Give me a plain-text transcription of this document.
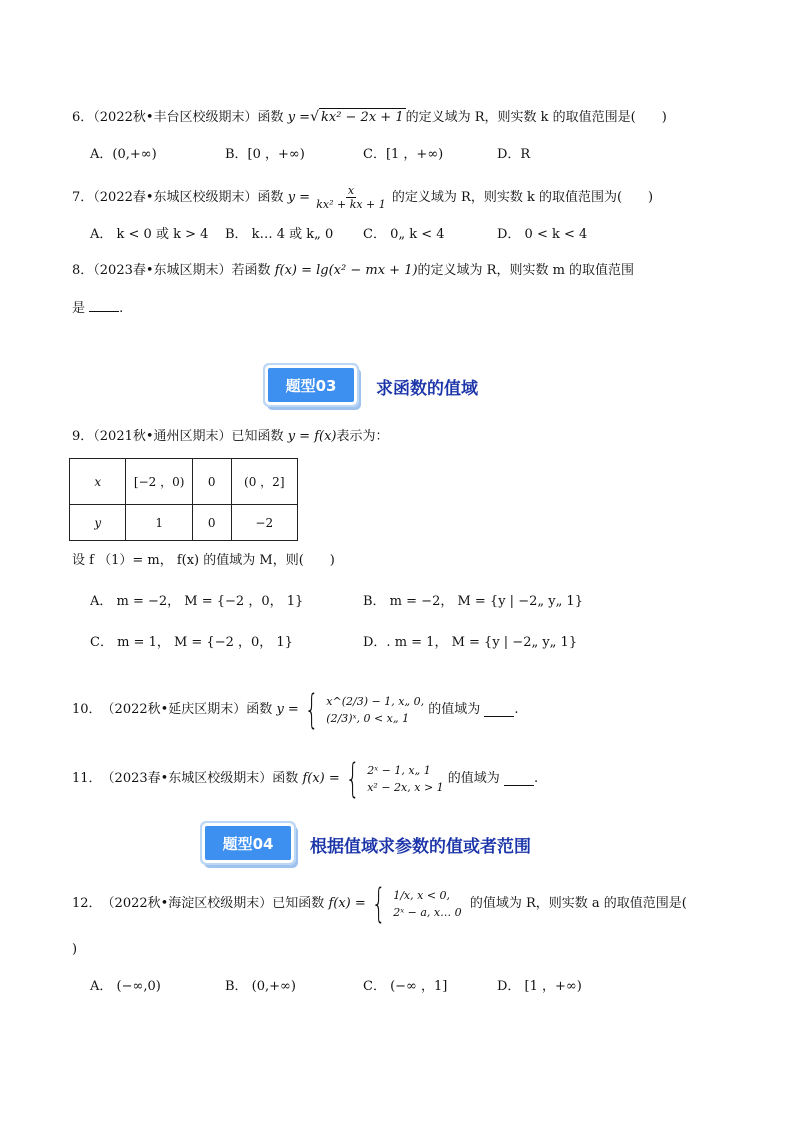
6．（2022秋•丰台区校级期末）函数 y =√ kx² − 2x + 1 的定义域为 R，则实数 k 的取值范围是(　　)
A．(0,+∞)	B．[0 ，+∞)	C．[1 ，+∞)	D．R
7．（2022春•东城区校级期末）函数 $y = \frac{x}{\text{kx² + kx + 1}}$ 的定义域为 R，则实数 k 的取值范围为(　　)
A． k < 0 或 k > 4 B． k… 4 或 k„ 0 C． 0„ k < 4	D． 0 < k < 4
8．（2023春•东城区期末）若函数 f(x) = lg(x² − mx + 1)的定义域为 R，则实数 m 的取值范围
是	.
题型03	求函数的值域
9．（2021秋•通州区期末）已知函数 y = f(x)表示为：
x	[−2 ，0)	0	(0 ，2]
y	1	0	−2
设 f （1）= m， f(x) 的值域为 M，则(　　)
A． m = −2， M = {−2 ，0， 1}	B． m = −2， M = {y | −2„ y„ 1}
C． m = 1， M = {−2 ，0， 1}	D．. m = 1， M = {y | −2„ y„ 1}
10． （2022秋•延庆区期末）函数
y = { x^(2/3) − 1, x„ 0,
(2/3)ˣ, 0 < x„ 1

的值域为
	.
11． （2023春•东城区校级期末）函数
f(x) = { 2ˣ − 1, x„ 1
x² − 2x, x > 1

的值域为
	.
题型04	根据值域求参数的值或者范围
12． （2022秋•海淀区校级期末）已知函数
f(x) = { 1/x, x < 0,
2ˣ − a, x… 0

的值域为 R，则实数 a 的取值范围是(
)
A． (−∞,0)	B． (0,+∞)	C． (−∞ ，1]	D． [1 ，+∞)
